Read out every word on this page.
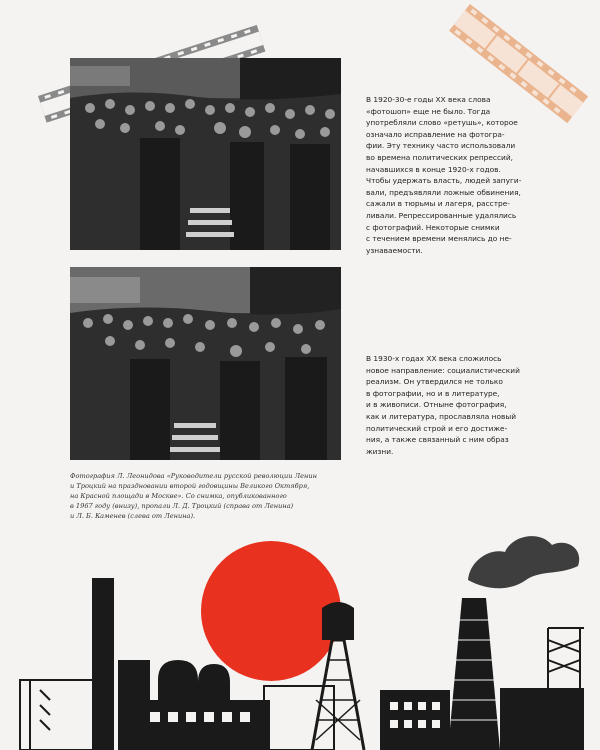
В 1920-30-е годы XX века слова
«фотошоп» еще не было. Тогда
употребляли слово «ретушь», которое
означало исправление на фотогра-
фии. Эту технику часто использовали
во времена политических репрессий,
начавшихся в конце 1920-х годов.
Чтобы удержать власть, людей запуги-
вали, предъявляли ложные обвинения,
сажали в тюрьмы и лагеря, расстре-
ливали. Репрессированные удалялись
с фотографий. Некоторые снимки
с течением времени менялись до не-
узнаваемости.

В 1930-х годах XX века сложилось
новое направление: социалистический
реализм. Он утвердился не только
в фотографии, но и в литературе,
и в живописи. Отныне фотография,
как и литература, прославляла новый
политический строй и его достиже-
ния, а также связанный с ним образ
жизни.

Фотография Л. Леонидова «Руководители русской революции Ленин
и Троцкий на праздновании второй годовщины Великого Октября,
на Красной площади в Москве». Со снимка, опубликованного
в 1967 году (внизу), пропали Л. Д. Троцкий (справа от Ленина)
и Л. Б. Каменев (слева от Ленина).
